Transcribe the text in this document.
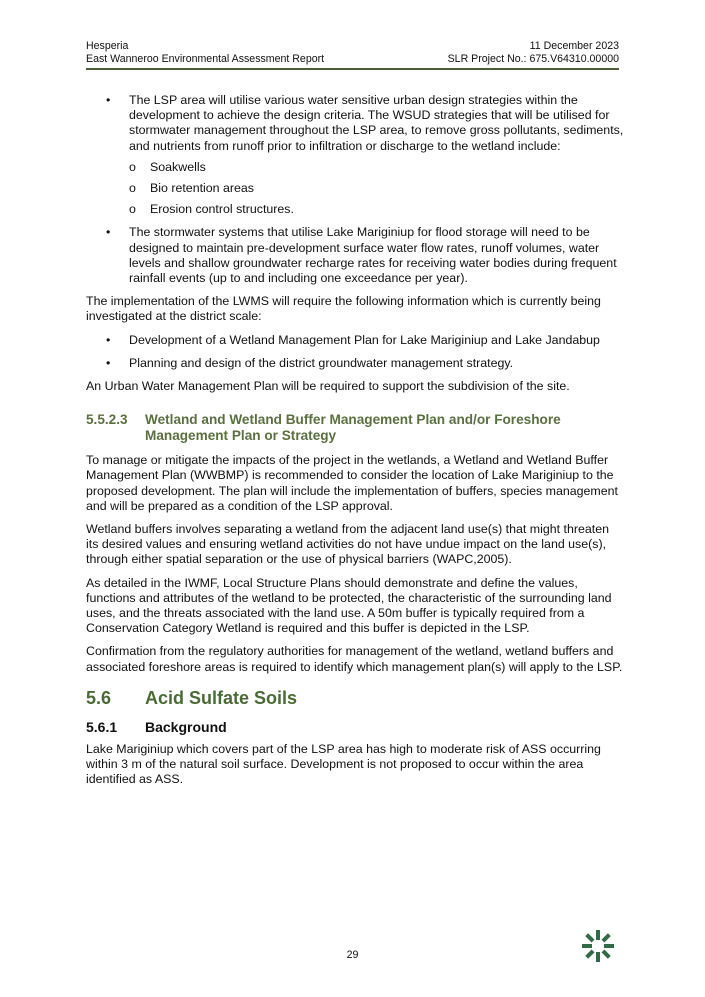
Hesperia	11 December 2023
East Wanneroo Environmental Assessment Report	SLR Project No.: 675.V64310.00000
• The LSP area will utilise various water sensitive urban design strategies within the development to achieve the design criteria. The WSUD strategies that will be utilised for stormwater management throughout the LSP area, to remove gross pollutants, sediments, and nutrients from runoff prior to infiltration or discharge to the wetland include:
o Soakwells
o Bio retention areas
o Erosion control structures.
• The stormwater systems that utilise Lake Mariginiup for flood storage will need to be designed to maintain pre-development surface water flow rates, runoff volumes, water levels and shallow groundwater recharge rates for receiving water bodies during frequent rainfall events (up to and including one exceedance per year).

The implementation of the LWMS will require the following information which is currently being investigated at the district scale:

• Development of a Wetland Management Plan for Lake Mariginiup and Lake Jandabup
• Planning and design of the district groundwater management strategy.

An Urban Water Management Plan will be required to support the subdivision of the site.

5.5.2.3	Wetland and Wetland Buffer Management Plan and/or Foreshore Management Plan or Strategy

To manage or mitigate the impacts of the project in the wetlands, a Wetland and Wetland Buffer Management Plan (WWBMP) is recommended to consider the location of Lake Mariginiup to the proposed development. The plan will include the implementation of buffers, species management and will be prepared as a condition of the LSP approval.

Wetland buffers involves separating a wetland from the adjacent land use(s) that might threaten its desired values and ensuring wetland activities do not have undue impact on the land use(s), through either spatial separation or the use of physical barriers (WAPC,2005).

As detailed in the IWMF, Local Structure Plans should demonstrate and define the values, functions and attributes of the wetland to be protected, the characteristic of the surrounding land uses, and the threats associated with the land use. A 50m buffer is typically required from a Conservation Category Wetland is required and this buffer is depicted in the LSP.

Confirmation from the regulatory authorities for management of the wetland, wetland buffers and associated foreshore areas is required to identify which management plan(s) will apply to the LSP.

5.6	Acid Sulfate Soils
5.6.1	Background

Lake Mariginiup which covers part of the LSP area has high to moderate risk of ASS occurring within 3 m of the natural soil surface. Development is not proposed to occur within the area identified as ASS.

29
